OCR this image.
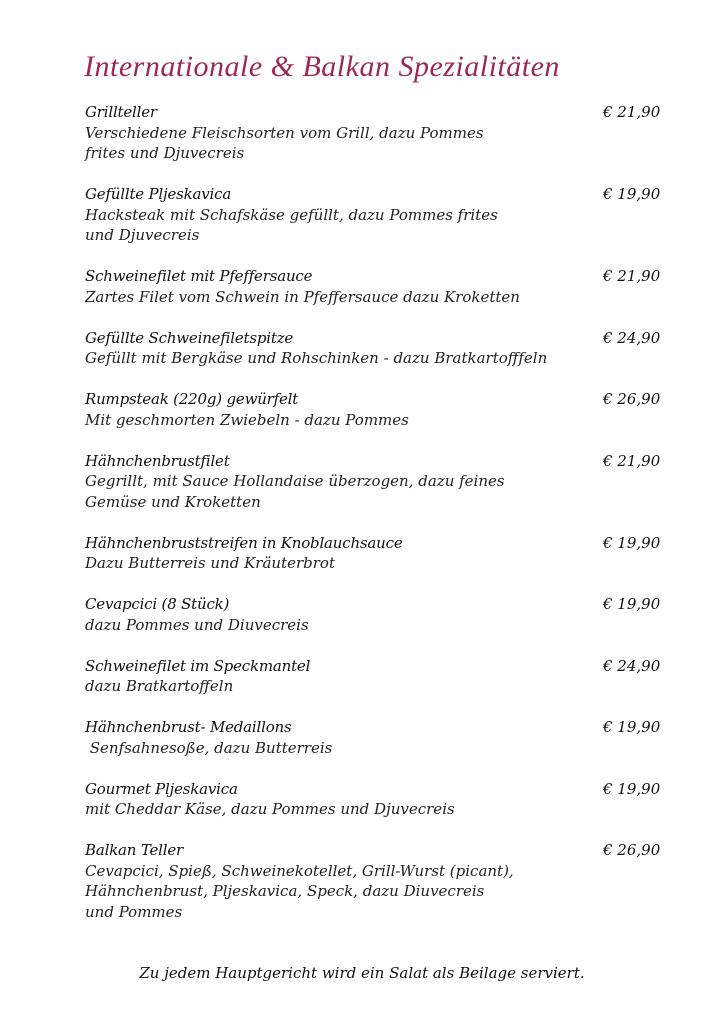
Internationale & Balkan Spezialitäten
Grillteller	€ 21,90
Verschiedene Fleischsorten vom Grill, dazu Pommes
frites und Djuvecreis
Gefüllte Pljeskavica	€ 19,90
Hacksteak mit Schafskäse gefüllt, dazu Pommes frites
und Djuvecreis
Schweinefilet mit Pfeffersauce	€ 21,90
Zartes Filet vom Schwein in Pfeffersauce dazu Kroketten
Gefüllte Schweinefiletspitze	€ 24,90
Gefüllt mit Bergkäse und Rohschinken - dazu Bratkartofffeln
Rumpsteak (220g) gewürfelt	€ 26,90
Mit geschmorten Zwiebeln - dazu Pommes
Hähnchenbrustfilet	€ 21,90
Gegrillt, mit Sauce Hollandaise überzogen, dazu feines
Gemüse und Kroketten
Hähnchenbruststreifen in Knoblauchsauce	€ 19,90
Dazu Butterreis und Kräuterbrot
Cevapcici (8 Stück)	€ 19,90
dazu Pommes und Diuvecreis
Schweinefilet im Speckmantel	€ 24,90
dazu Bratkartoffeln
Hähnchenbrust- Medaillons	€ 19,90
Senfsahnesoße, dazu Butterreis
Gourmet Pljeskavica	€ 19,90
mit Cheddar Käse, dazu Pommes und Djuvecreis
Balkan Teller	€ 26,90
Cevapcici, Spieß, Schweinekotellet, Grill-Wurst (picant),
Hähnchenbrust, Pljeskavica, Speck, dazu Diuvecreis
und Pommes
Zu jedem Hauptgericht wird ein Salat als Beilage serviert.
